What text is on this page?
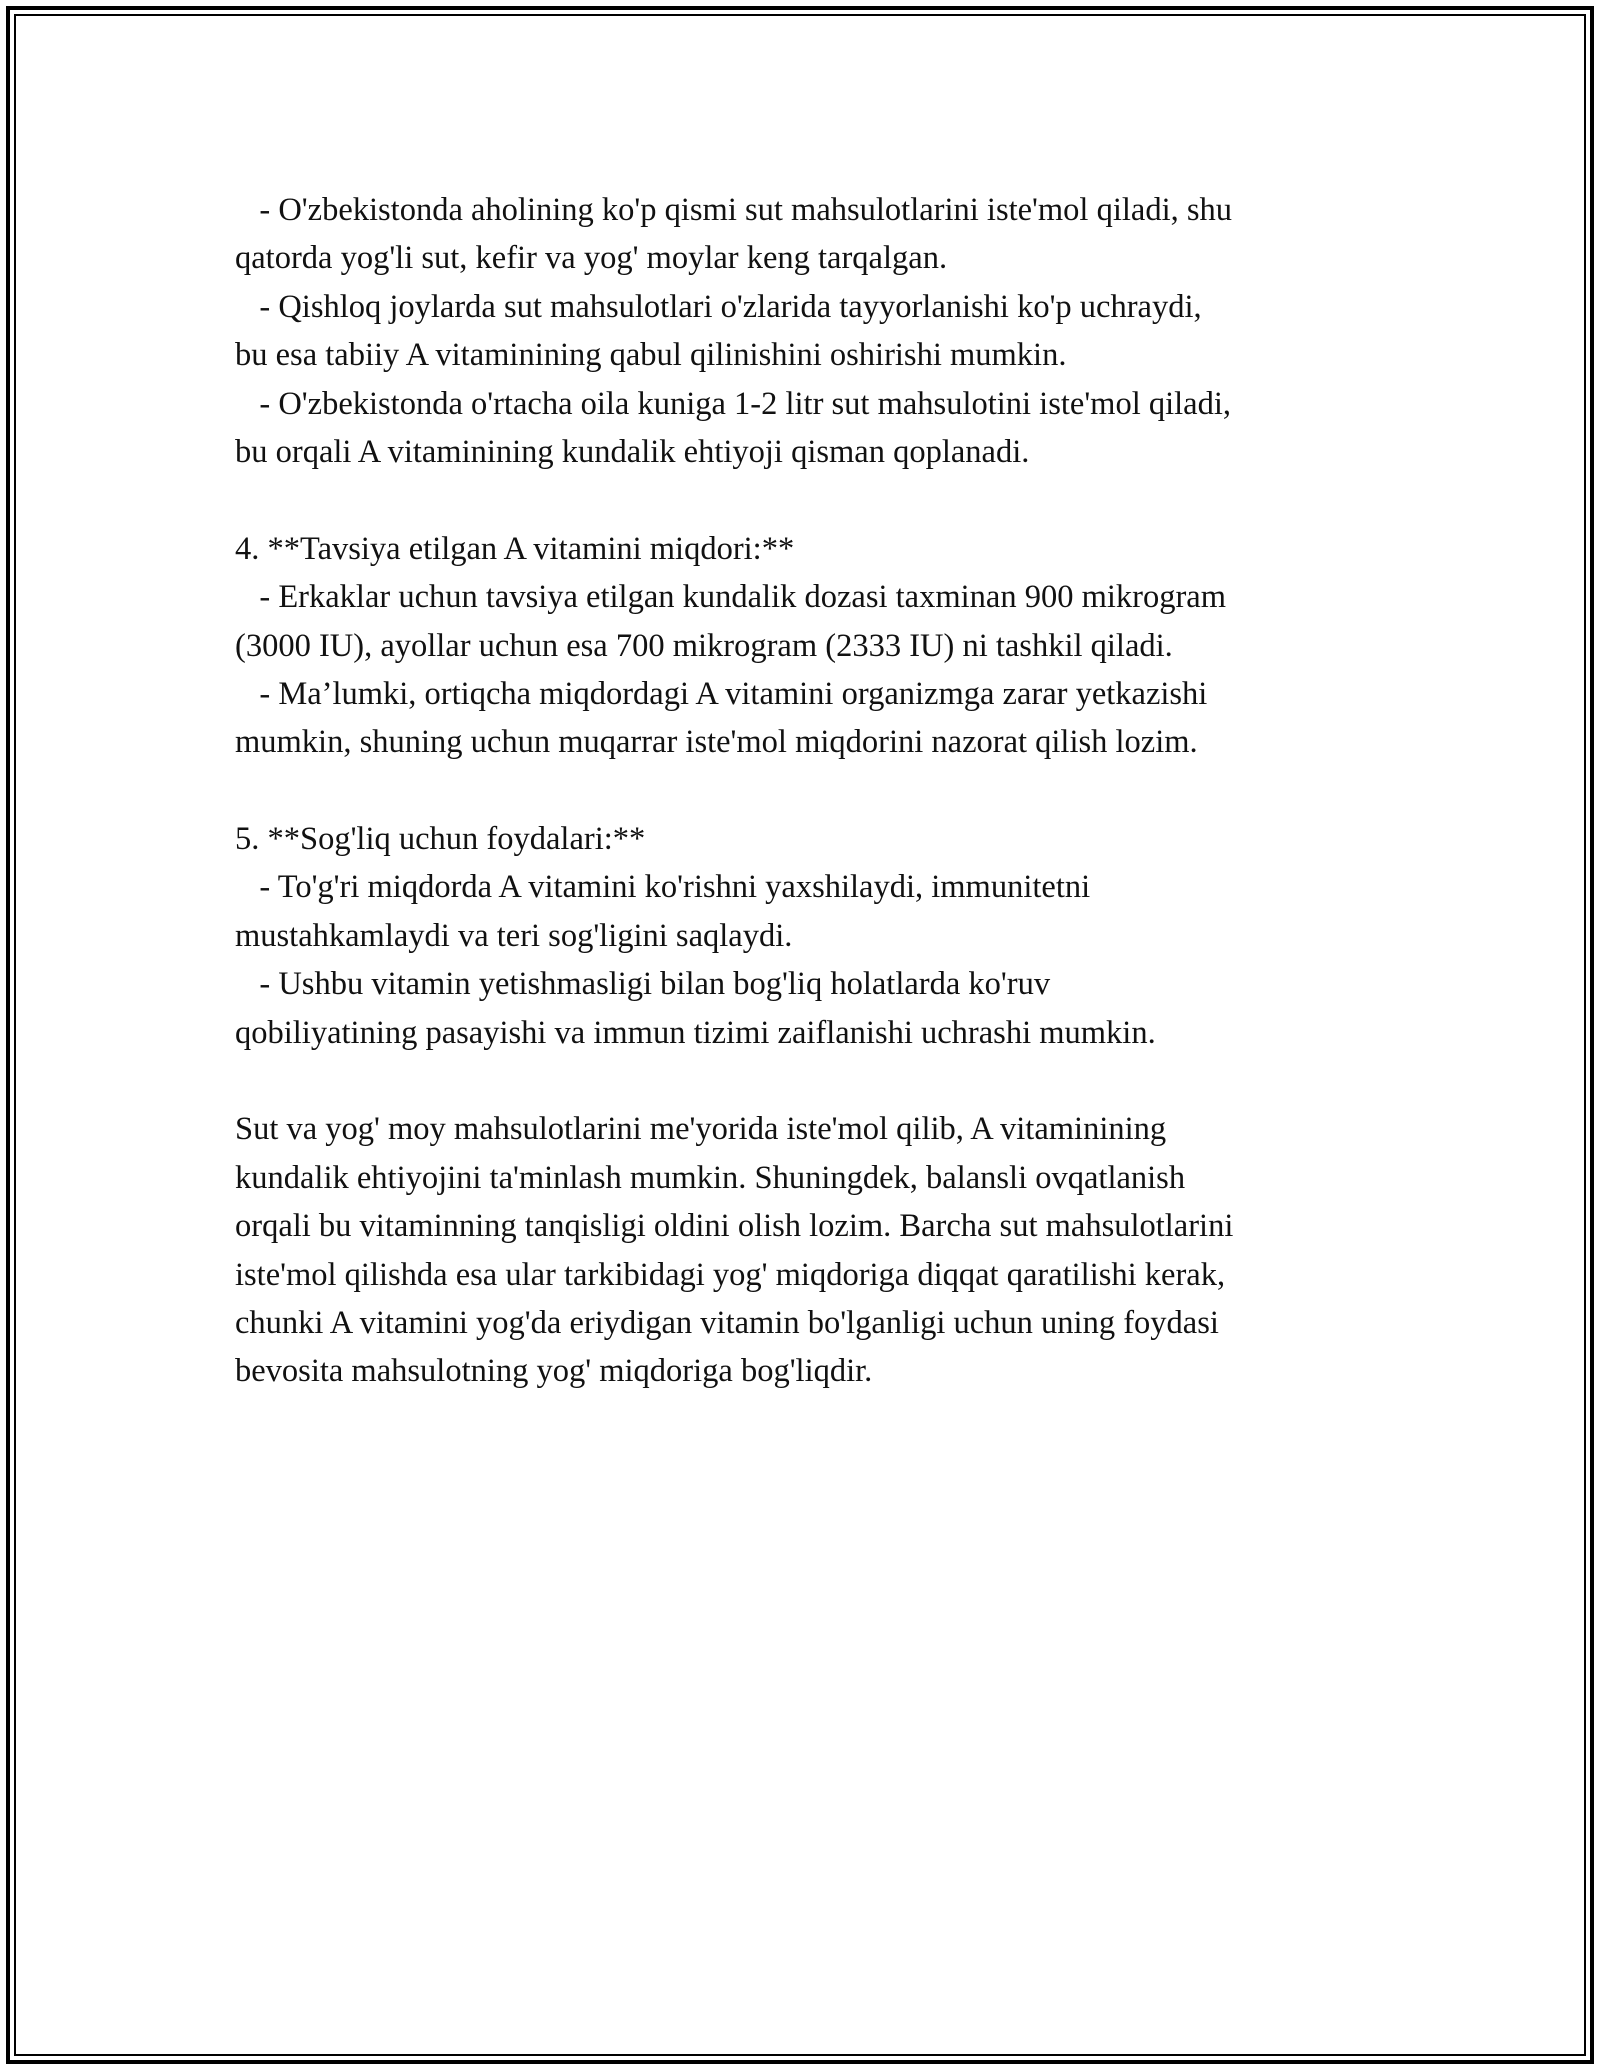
- O'zbekistonda aholining ko'p qismi sut mahsulotlarini iste'mol qiladi, shu
qatorda yog'li sut, kefir va yog' moylar keng tarqalgan.
- Qishloq joylarda sut mahsulotlari o'zlarida tayyorlanishi ko'p uchraydi,
bu esa tabiiy A vitaminining qabul qilinishini oshirishi mumkin.
- O'zbekistonda o'rtacha oila kuniga 1-2 litr sut mahsulotini iste'mol qiladi,
bu orqali A vitaminining kundalik ehtiyoji qisman qoplanadi.
4. **Tavsiya etilgan A vitamini miqdori:**
- Erkaklar uchun tavsiya etilgan kundalik dozasi taxminan 900 mikrogram
(3000 IU), ayollar uchun esa 700 mikrogram (2333 IU) ni tashkil qiladi.
- Ma’lumki, ortiqcha miqdordagi A vitamini organizmga zarar yetkazishi
mumkin, shuning uchun muqarrar iste'mol miqdorini nazorat qilish lozim.
5. **Sog'liq uchun foydalari:**
- To'g'ri miqdorda A vitamini ko'rishni yaxshilaydi, immunitetni
mustahkamlaydi va teri sog'ligini saqlaydi.
- Ushbu vitamin yetishmasligi bilan bog'liq holatlarda ko'ruv
qobiliyatining pasayishi va immun tizimi zaiflanishi uchrashi mumkin.
Sut va yog' moy mahsulotlarini me'yorida iste'mol qilib, A vitaminining
kundalik ehtiyojini ta'minlash mumkin. Shuningdek, balansli ovqatlanish
orqali bu vitaminning tanqisligi oldini olish lozim. Barcha sut mahsulotlarini
iste'mol qilishda esa ular tarkibidagi yog' miqdoriga diqqat qaratilishi kerak,
chunki A vitamini yog'da eriydigan vitamin bo'lganligi uchun uning foydasi
bevosita mahsulotning yog' miqdoriga bog'liqdir.
